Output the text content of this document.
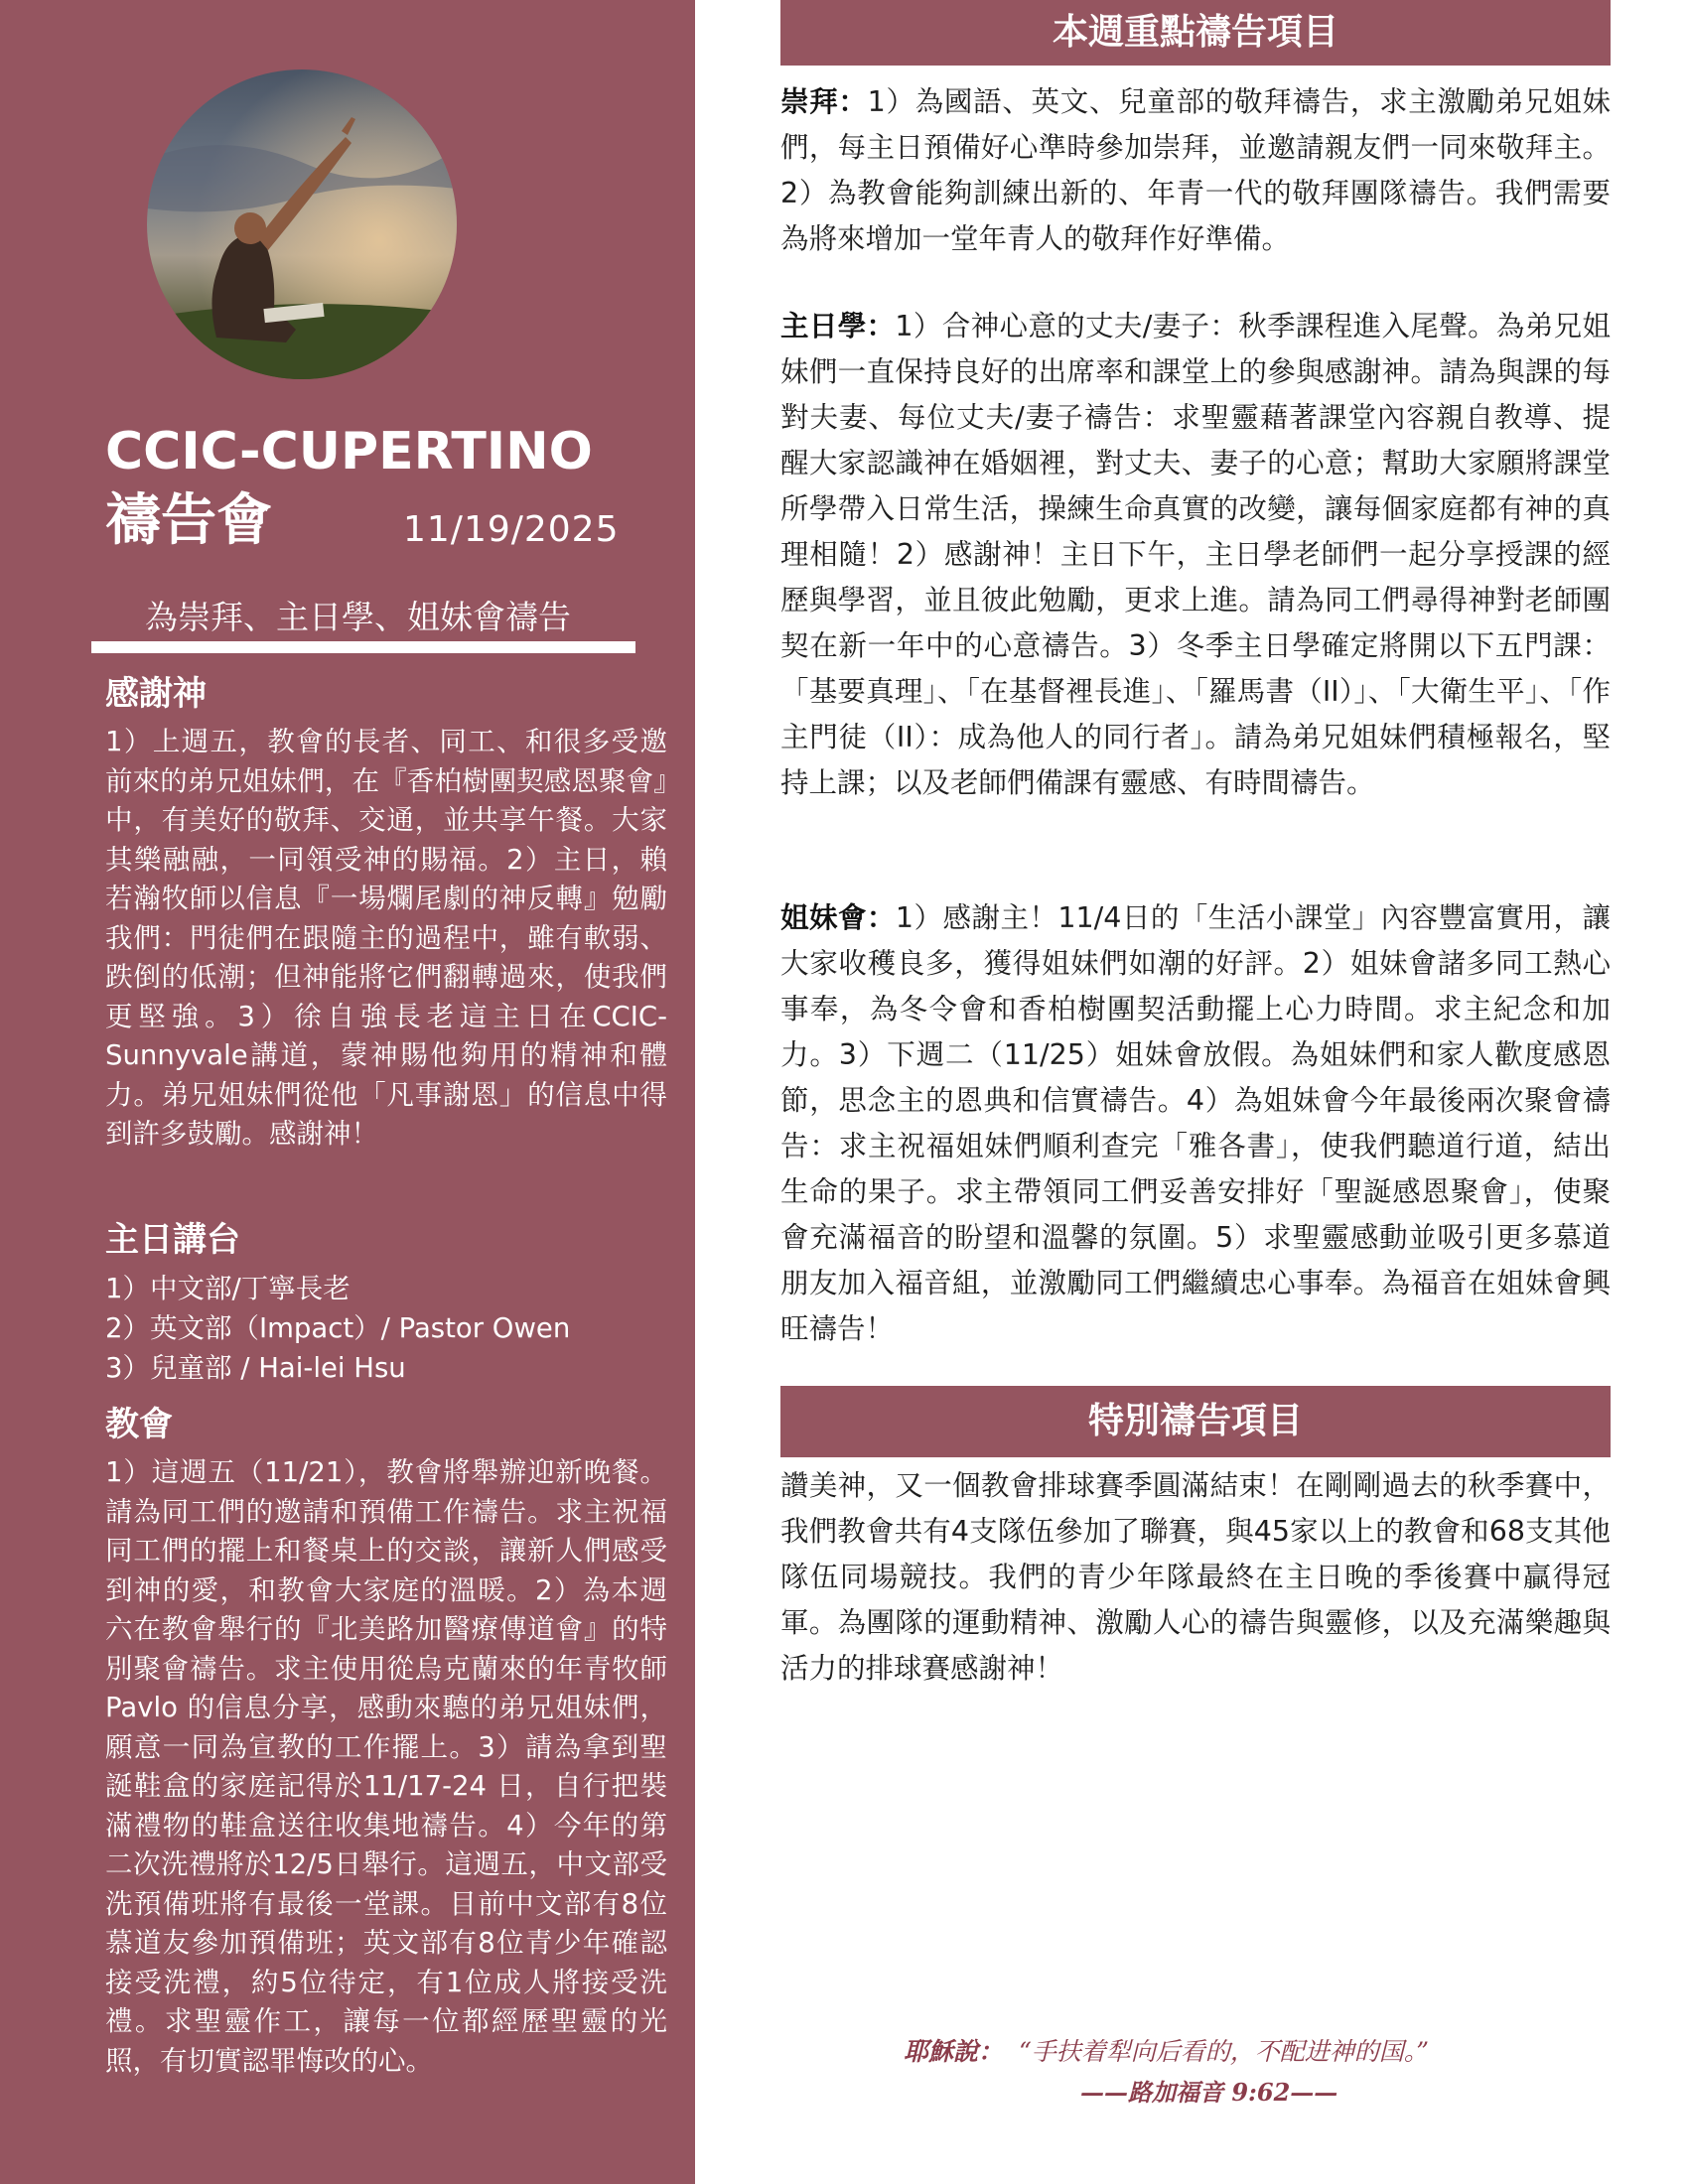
CCIC-CUPERTINO
禱告會	11/19/2025
為崇拜、主日學、姐妹會禱告
感謝神

1）上週五，教會的長者、同工、和很多受邀前來的弟兄姐妹們，在『香柏樹團契感恩聚會』中，有美好的敬拜、交通，並共享午餐。大家其樂融融，一同領受神的賜福。2）主日，賴若瀚牧師以信息『一場爛尾劇的神反轉』勉勵我們：門徒們在跟隨主的過程中，雖有軟弱、跌倒的低潮；但神能將它們翻轉過來，使我們更堅強。3）徐自強長老這主日在CCIC-Sunnyvale講道，蒙神賜他夠用的精神和體力。弟兄姐妹們從他「凡事謝恩」的信息中得到許多鼓勵。感謝神！

主日講台
1）中文部/丁寧長老
2）英文部（Impact）/ Pastor Owen
3）兒童部 / Hai-lei Hsu
教會

1）這週五（11/21），教會將舉辦迎新晚餐。請為同工們的邀請和預備工作禱告。求主祝福同工們的擺上和餐桌上的交談，讓新人們感受到神的愛，和教會大家庭的溫暖。2）為本週六在教會舉行的『北美路加醫療傳道會』的特別聚會禱告。求主使用從烏克蘭來的年青牧師 Pavlo 的信息分享，感動來聽的弟兄姐妹們，願意一同為宣教的工作擺上。3）請為拿到聖誕鞋盒的家庭記得於11/17-24 日，自行把裝滿禮物的鞋盒送往收集地禱告。4）今年的第二次洗禮將於12/5日舉行。這週五，中文部受洗預備班將有最後一堂課。目前中文部有8位慕道友參加預備班；英文部有8位青少年確認接受洗禮，約5位待定，有1位成人將接受洗禮。求聖靈作工，讓每一位都經歷聖靈的光照，有切實認罪悔改的心。

本週重點禱告項目

崇拜：1）為國語、英文、兒童部的敬拜禱告，求主激勵弟兄姐妹們，每主日預備好心準時參加崇拜，並邀請親友們一同來敬拜主。2）為教會能夠訓練出新的、年青一代的敬拜團隊禱告。我們需要為將來增加一堂年青人的敬拜作好準備。

主日學：1）合神心意的丈夫/妻子：秋季課程進入尾聲。為弟兄姐妹們一直保持良好的出席率和課堂上的參與感謝神。請為與課的每對夫妻、每位丈夫/妻子禱告：求聖靈藉著課堂內容親自教導、提醒大家認識神在婚姻裡，對丈夫、妻子的心意；幫助大家願將課堂所學帶入日常生活，操練生命真實的改變，讓每個家庭都有神的真理相隨！2）感謝神！主日下午，主日學老師們一起分享授課的經歷與學習，並且彼此勉勵，更求上進。請為同工們尋得神對老師團契在新一年中的心意禱告。3）冬季主日學確定將開以下五門課：「基要真理」、「在基督裡長進」、「羅馬書（II）」、「大衛生平」、「作主門徒（II）：成為他人的同行者」。請為弟兄姐妹們積極報名，堅持上課；以及老師們備課有靈感、有時間禱告。

姐妹會：1）感謝主！11/4日的「生活小課堂」內容豐富實用，讓大家收穫良多，獲得姐妹們如潮的好評。2）姐妹會諸多同工熱心事奉，為冬令會和香柏樹團契活動擺上心力時間。求主紀念和加力。3）下週二（11/25）姐妹會放假。為姐妹們和家人歡度感恩節，思念主的恩典和信實禱告。4）為姐妹會今年最後兩次聚會禱告：求主祝福姐妹們順利查完「雅各書」，使我們聽道行道，結出生命的果子。求主帶領同工們妥善安排好「聖誕感恩聚會」，使聚會充滿福音的盼望和溫馨的氛圍。5）求聖靈感動並吸引更多慕道朋友加入福音組，並激勵同工們繼續忠心事奉。為福音在姐妹會興旺禱告！

特別禱告項目

讚美神，又一個教會排球賽季圓滿結束！在剛剛過去的秋季賽中，我們教會共有4支隊伍參加了聯賽，與45家以上的教會和68支其他隊伍同場競技。我們的青少年隊最終在主日晚的季後賽中贏得冠軍。為團隊的運動精神、激勵人心的禱告與靈修，以及充滿樂趣與活力的排球賽感謝神！

耶穌說： “手扶着犁向后看的，不配进神的国。”
——路加福音 9:62——
